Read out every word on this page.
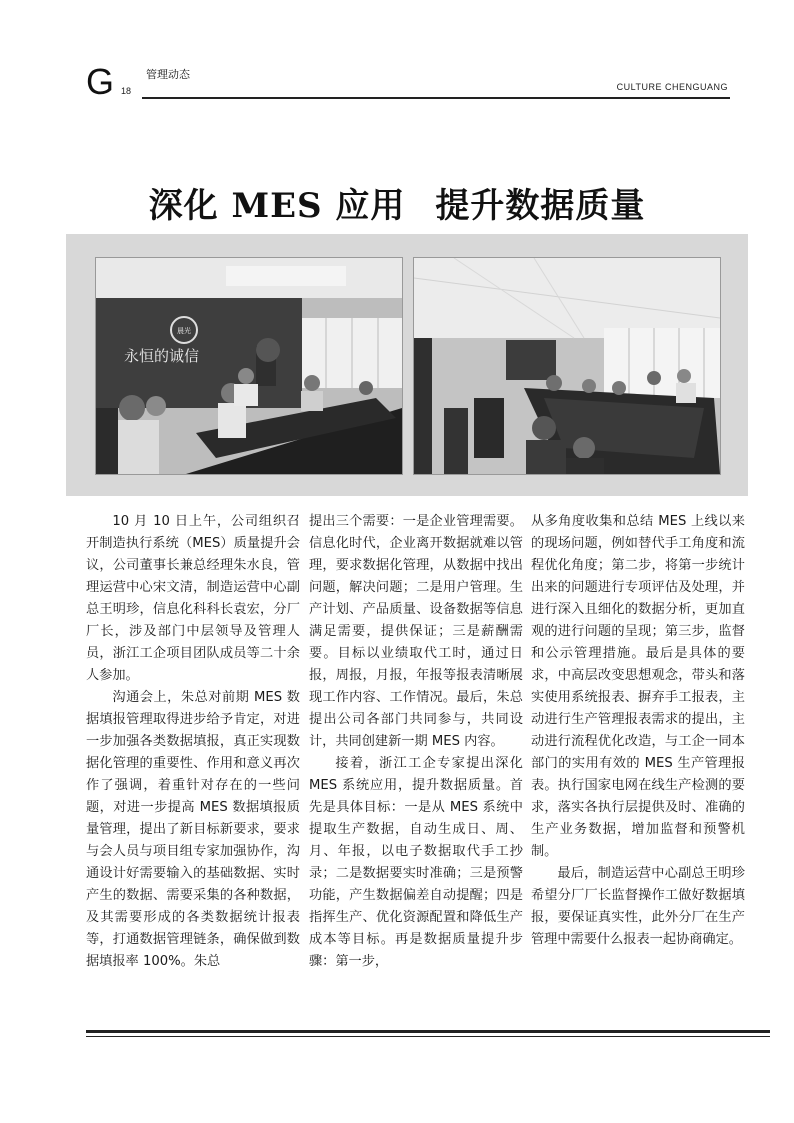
G 18
管理动态
CULTURE CHENGUANG
深化 MES 应用 提升数据质量
晨光
永恒的诚信

10 月 10 日上午，公司组织召开制造执行系统（MES）质量提升会议，公司董事长兼总经理朱水良，管理运营中心宋文清，制造运营中心副总王明珍，信息化科科长袁宏，分厂厂长，涉及部门中层领导及管理人员，浙江工企项目团队成员等二十余人参加。

沟通会上，朱总对前期 MES 数据填报管理取得进步给予肯定，对进一步加强各类数据填报，真正实现数据化管理的重要性、作用和意义再次作了强调，着重针对存在的一些问题，对进一步提高 MES 数据填报质量管理，提出了新目标新要求，要求与会人员与项目组专家加强协作，沟通设计好需要输入的基础数据、实时产生的数据、需要采集的各种数据，及其需要形成的各类数据统计报表等，打通数据管理链条，确保做到数据填报率 100%。朱总

提出三个需要：一是企业管理需要。信息化时代，企业离开数据就难以管理，要求数据化管理，从数据中找出问题，解决问题；二是用户管理。生产计划、产品质量、设备数据等信息满足需要，提供保证；三是薪酬需要。目标以业绩取代工时，通过日报，周报，月报，年报等报表清晰展现工作内容、工作情况。最后，朱总提出公司各部门共同参与，共同设计，共同创建新一期 MES 内容。

接着，浙江工企专家提出深化 MES 系统应用，提升数据质量。首先是具体目标：一是从 MES 系统中提取生产数据，自动生成日、周、月、年报，以电子数据取代手工抄录；二是数据要实时准确；三是预警功能，产生数据偏差自动提醒；四是指挥生产、优化资源配置和降低生产成本等目标。再是数据质量提升步骤：第一步，

从多角度收集和总结 MES 上线以来的现场问题，例如替代手工角度和流程优化角度；第二步，将第一步统计出来的问题进行专项评估及处理，并进行深入且细化的数据分析，更加直观的进行问题的呈现；第三步，监督和公示管理措施。最后是具体的要求，中高层改变思想观念，带头和落实使用系统报表、摒弃手工报表，主动进行生产管理报表需求的提出，主动进行流程优化改造，与工企一同本部门的实用有效的 MES 生产管理报表。执行国家电网在线生产检测的要求，落实各执行层提供及时、准确的生产业务数据，增加监督和预警机制。

最后，制造运营中心副总王明珍希望分厂厂长监督操作工做好数据填报，要保证真实性，此外分厂在生产管理中需要什么报表一起协商确定。
